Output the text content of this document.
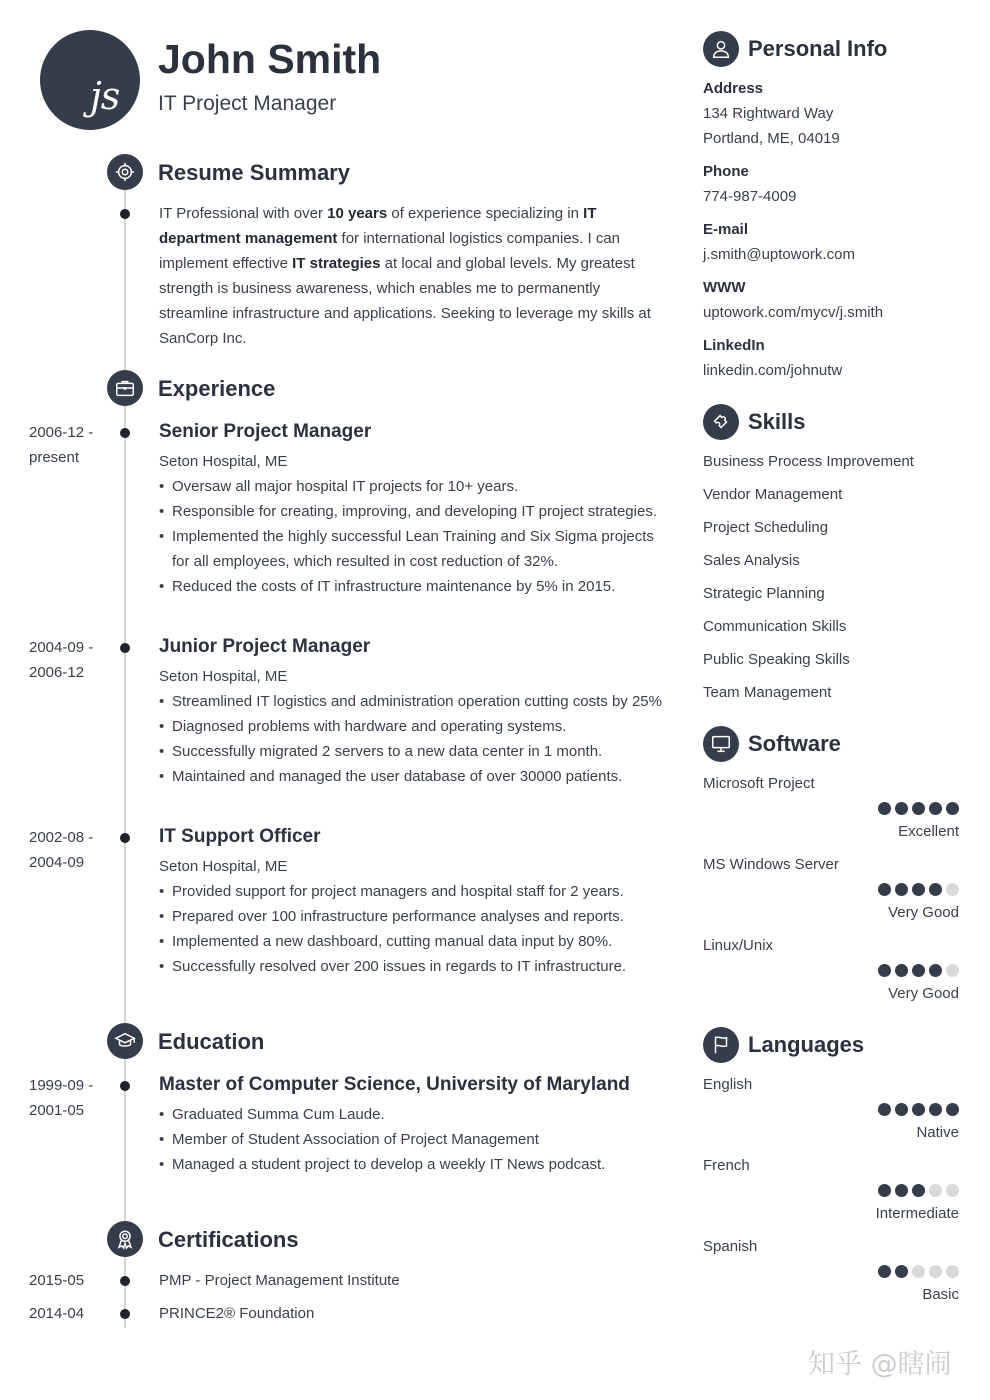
js
John Smith
IT Project Manager
Resume Summary
IT Professional with over 10 years of experience specializing in IT department management for international logistics companies. I can implement effective IT strategies at local and global levels. My greatest strength is business awareness, which enables me to permanently streamline infrastructure and applications. Seeking to leverage my skills at SanCorp Inc.
Experience
2006-12 -
present
Senior Project Manager
Seton Hospital, ME
• Oversaw all major hospital IT projects for 10+ years.
• Responsible for creating, improving, and developing IT project strategies.
• Implemented the highly successful Lean Training and Six Sigma projects for all employees, which resulted in cost reduction of 32%.
• Reduced the costs of IT infrastructure maintenance by 5% in 2015.
2004-09 -
2006-12
Junior Project Manager
Seton Hospital, ME
• Streamlined IT logistics and administration operation cutting costs by 25%
• Diagnosed problems with hardware and operating systems.
• Successfully migrated 2 servers to a new data center in 1 month.
• Maintained and managed the user database of over 30000 patients.
2002-08 -
2004-09
IT Support Officer
Seton Hospital, ME
• Provided support for project managers and hospital staff for 2 years.
• Prepared over 100 infrastructure performance analyses and reports.
• Implemented a new dashboard, cutting manual data input by 80%.
• Successfully resolved over 200 issues in regards to IT infrastructure.
Education
1999-09 -
2001-05
Master of Computer Science, University of Maryland
• Graduated Summa Cum Laude.
• Member of Student Association of Project Management
• Managed a student project to develop a weekly IT News podcast.
Certifications
2015-05	PMP - Project Management Institute
2014-04	PRINCE2® Foundation
Personal Info
Address
134 Rightward Way
Portland, ME, 04019
Phone
774-987-4009
E-mail
j.smith@uptowork.com
WWW
uptowork.com/mycv/j.smith
LinkedIn
linkedin.com/johnutw
Skills
Business Process Improvement
Vendor Management
Project Scheduling
Sales Analysis
Strategic Planning
Communication Skills
Public Speaking Skills
Team Management
Software
Microsoft Project
Excellent
MS Windows Server
Very Good
Linux/Unix
Very Good
Languages
English
Native
French
Intermediate
Spanish
Basic
知乎 @瞎闹
